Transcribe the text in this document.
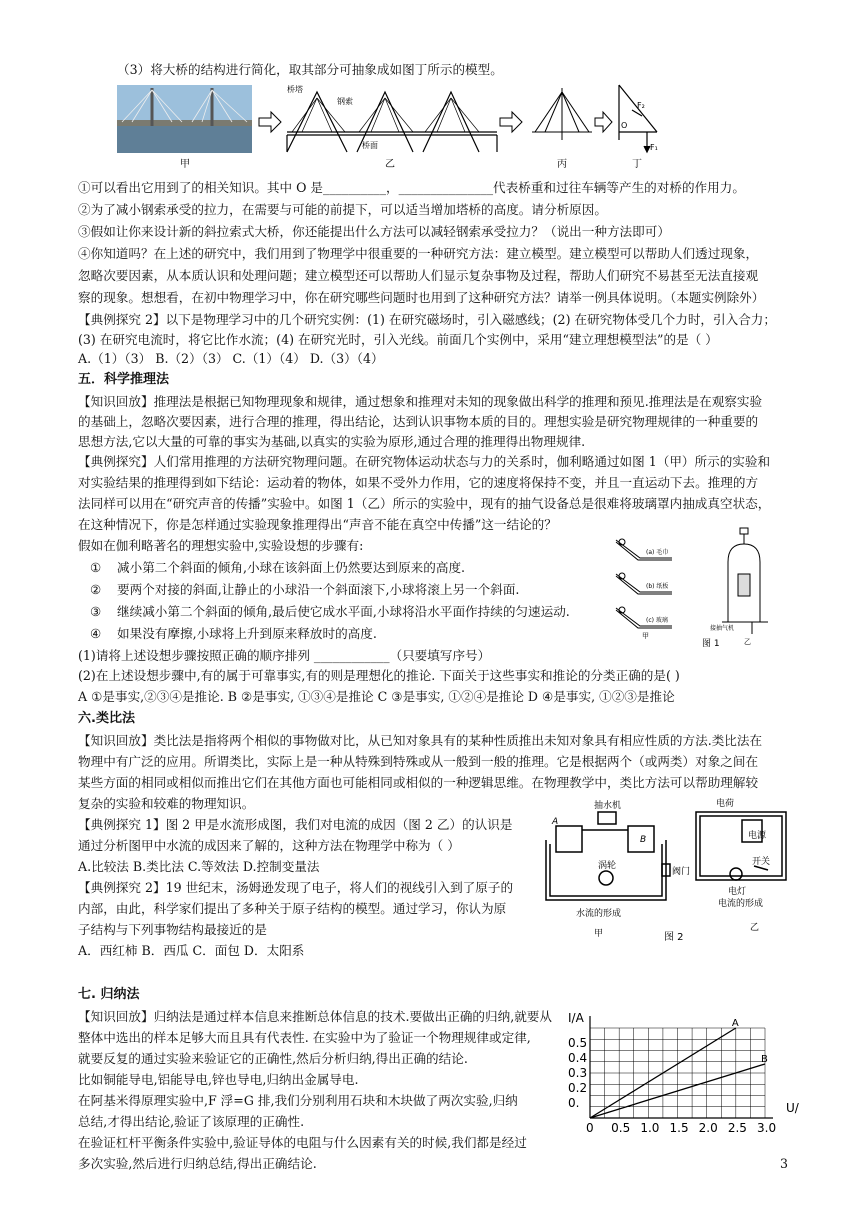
（3）将大桥的结构进行简化，取其部分可抽象成如图丁所示的模型。
甲
桥塔
钢索
桥面
乙	丙
O
F₂
F₁
丁
①可以看出它用到了的相关知识。其中 O 是__________，_______________代表桥重和过往车辆等产生的对桥的作用力。
②为了减小钢索承受的拉力，在需要与可能的前提下，可以适当增加塔桥的高度。请分析原因。
③假如让你来设计新的斜拉索式大桥，你还能提出什么方法可以减轻钢索承受拉力？（说出一种方法即可）
④你知道吗？在上述的研究中，我们用到了物理学中很重要的一种研究方法：建立模型。建立模型可以帮助人们透过现象，
忽略次要因素，从本质认识和处理问题；建立模型还可以帮助人们显示复杂事物及过程，帮助人们研究不易甚至无法直接观
察的现象。想想看，在初中物理学习中，你在研究哪些问题时也用到了这种研究方法？请举一例具体说明。（本题实例除外）
【典例探究 2】以下是物理学习中的几个研究实例：(1) 在研究磁场时，引入磁感线；(2) 在研究物体受几个力时，引入合力；
(3) 在研究电流时，将它比作水流；(4) 在研究光时，引入光线。前面几个实例中，采用“建立理想模型法”的是（ ）
A.（1）（3） B.（2）（3） C.（1）（4） D.（3）（4）
五．科学推理法
【知识回放】推理法是根据已知物理现象和规律，通过想象和推理对未知的现象做出科学的推理和预见.推理法是在观察实验
的基础上，忽略次要因素，进行合理的推理，得出结论，达到认识事物本质的目的。理想实验是研究物理规律的一种重要的
思想方法,它以大量的可靠的事实为基础,以真实的实验为原形,通过合理的推理得出物理规律.
【典例探究】人们常用推理的方法研究物理问题。在研究物体运动状态与力的关系时，伽利略通过如图 1（甲）所示的实验和
对实验结果的推理得到如下结论：运动着的物体，如果不受外力作用，它的速度将保持不变，并且一直运动下去。推理的方
法同样可以用在“研究声音的传播”实验中。如图 1（乙）所示的实验中，现有的抽气设备总是很难将玻璃罩内抽成真空状态，
在这种情况下，你是怎样通过实验现象推理得出“声音不能在真空中传播”这一结论的？
假如在伽利略著名的理想实验中,实验设想的步骤有:
① 减小第二个斜面的倾角,小球在该斜面上仍然要达到原来的高度.
② 要两个对接的斜面,让静止的小球沿一个斜面滚下,小球将滚上另一个斜面.
③ 继续减小第二个斜面的倾角,最后使它成水平面,小球将沿水平面作持续的匀速运动.
④ 如果没有摩擦,小球将上升到原来释放时的高度.
(1)请将上述设想步骤按照正确的顺序排列 ____________（只要填写序号）
(2)在上述设想步骤中,有的属于可靠事实,有的则是理想化的推论. 下面关于这些事实和推论的分类正确的是( )
A ①是事实,②③④是推论. B ②是事实, ①③④是推论 C ③是事实, ①②④是推论 D ④是事实, ①②③是推论
(a) 毛巾
(b) 纸板
(c) 玻璃
甲
接抽气机
乙
图 1
六.类比法
【知识回放】类比法是指将两个相似的事物做对比，从已知对象具有的某种性质推出未知对象具有相应性质的方法.类比法在
物理中有广泛的应用。所谓类比，实际上是一种从特殊到特殊或从一般到一般的推理。它是根据两个（或两类）对象之间在
某些方面的相同或相似而推出它们在其他方面也可能相同或相似的一种逻辑思维。在物理教学中，类比方法可以帮助理解较
复杂的实验和较难的物理知识。
【典例探究 1】图 2 甲是水流形成图，我们对电流的成因（图 2 乙）的认识是
通过分析图甲中水流的成因来了解的，这种方法在物理学中称为（ ）
A.比较法 B.类比法 C.等效法 D.控制变量法
【典例探究 2】19 世纪末，汤姆逊发现了电子，将人们的视线引入到了原子的
内部，由此，科学家们提出了多种关于原子结构的模型。通过学习，你认为原
子结构与下列事物结构最接近的是
A．西红柿 B．西瓜 C．面包 D．太阳系
抽水机
A
B
涡轮
阀门
水流的形成
甲
电荷
电源
开关
电灯
电流的形成
图 2
乙
七. 归纳法
【知识回放】归纳法是通过样本信息来推断总体信息的技术.要做出正确的归纳,就要从
整体中选出的样本足够大而且具有代表性. 在实验中为了验证一个物理规律或定律,
就要反复的通过实验来验证它的正确性,然后分析归纳,得出正确的结论.
比如铜能导电,铝能导电,锌也导电,归纳出金属导电.
在阿基米得原理实验中,F 浮=G 排,我们分别利用石块和木块做了两次实验,归纳
总结,才得出结论,验证了该原理的正确性.
在验证杠杆平衡条件实验中,验证导体的电阻与什么因素有关的时候,我们都是经过
多次实验,然后进行归纳总结,得出正确结论.
0 0.5 1.0 1.5 2.0 2.5 3.0
0.
0.2
0.3
0.4
0.5
I/A
U/
A
B
3
